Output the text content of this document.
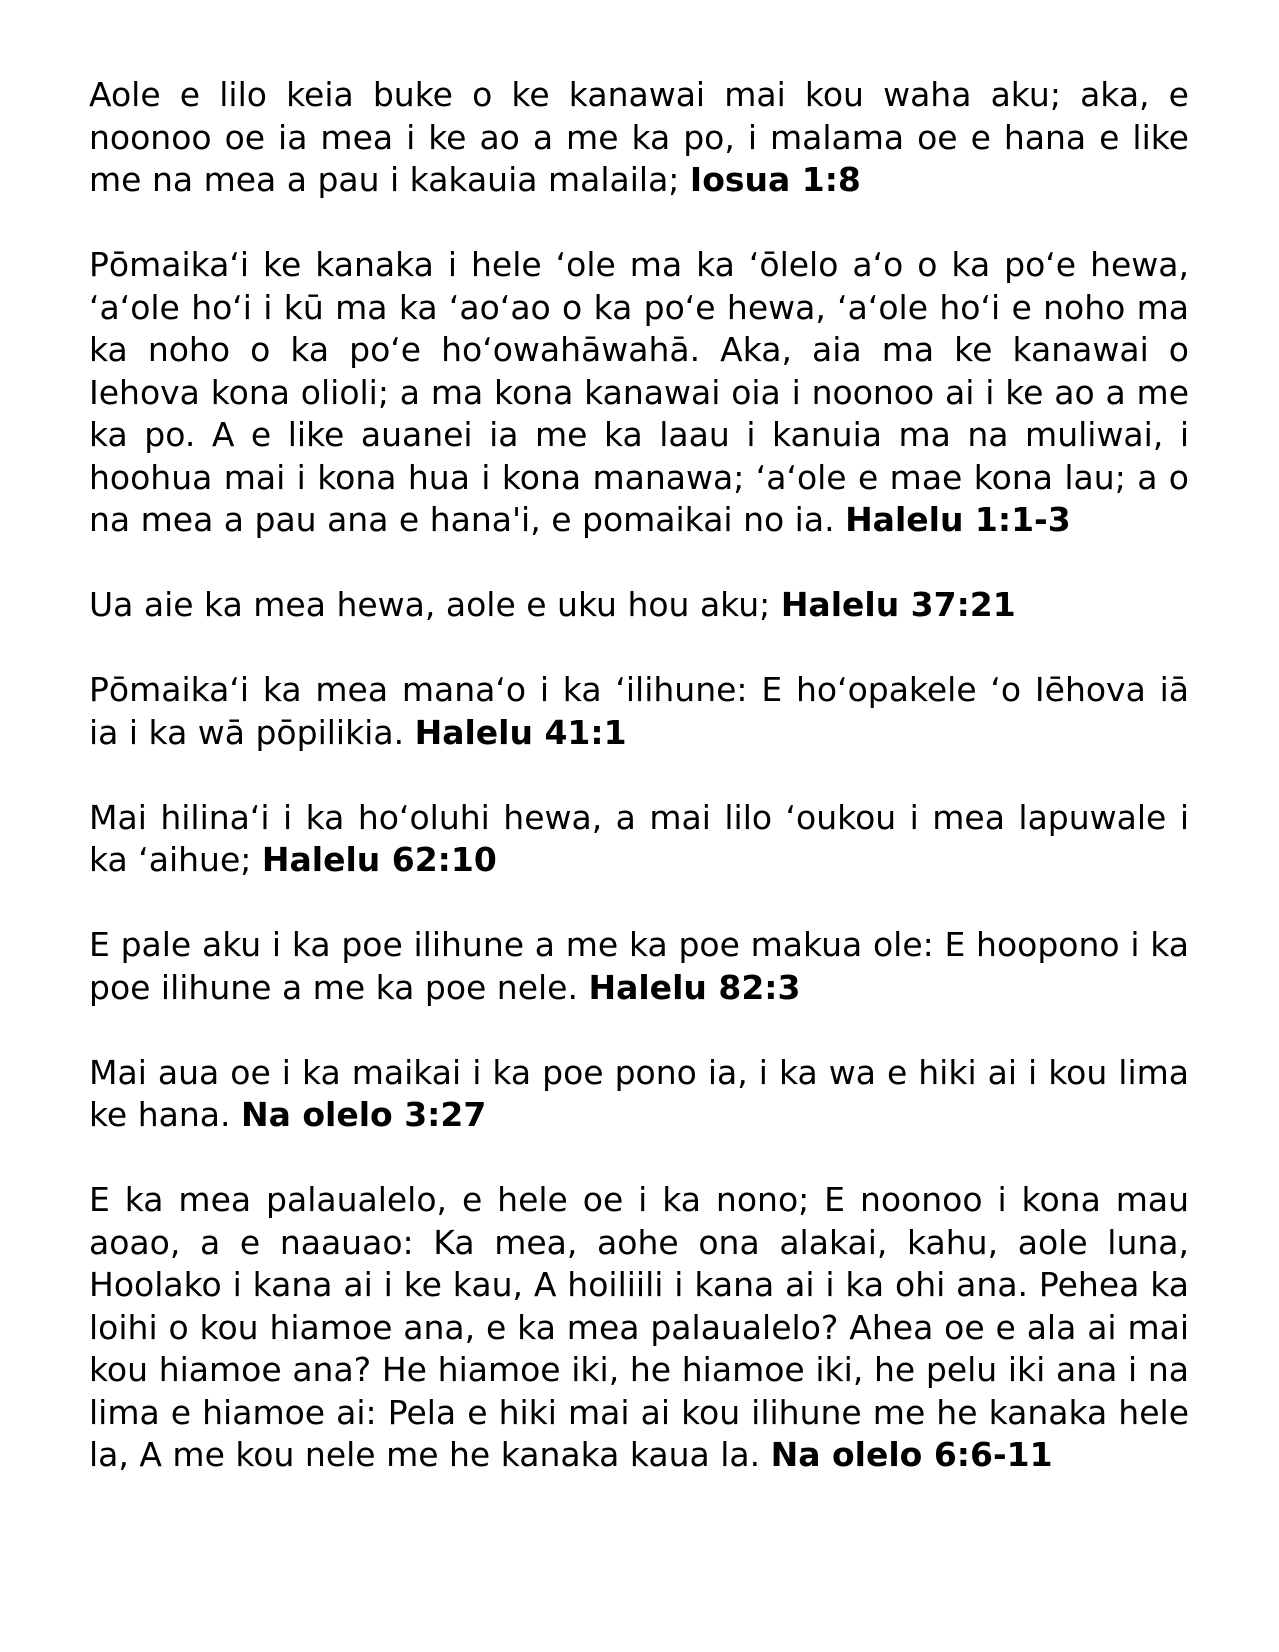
Aole e lilo keia buke o ke kanawai mai kou waha aku; aka, e noonoo oe ia mea i ke ao a me ka po, i malama oe e hana e like me na mea a pau i kakauia malaila; Iosua 1:8

Pōmaikaʻi ke kanaka i hele ʻole ma ka ʻōlelo aʻo o ka poʻe hewa, ʻaʻole hoʻi i kū ma ka ʻaoʻao o ka poʻe hewa, ʻaʻole hoʻi e noho ma ka noho o ka poʻe hoʻowahāwahā. Aka, aia ma ke kanawai o Iehova kona olioli; a ma kona kanawai oia i noonoo ai i ke ao a me ka po. A e like auanei ia me ka laau i kanuia ma na muliwai, i hoohua mai i kona hua i kona manawa; ʻaʻole e mae kona lau; a o na mea a pau ana e hana'i, e pomaikai no ia. Halelu 1:1-3

Ua aie ka mea hewa, aole e uku hou aku; Halelu 37:21

Pōmaikaʻi ka mea manaʻo i ka ʻilihune: E hoʻopakele ʻo Iēhova iā ia i ka wā pōpilikia. Halelu 41:1

Mai hilinaʻi i ka hoʻoluhi hewa, a mai lilo ʻoukou i mea lapuwale i ka ʻaihue; Halelu 62:10

E pale aku i ka poe ilihune a me ka poe makua ole: E hoopono i ka poe ilihune a me ka poe nele. Halelu 82:3

Mai aua oe i ka maikai i ka poe pono ia, i ka wa e hiki ai i kou lima ke hana. Na olelo 3:27

E ka mea palaualelo, e hele oe i ka nono; E noonoo i kona mau aoao, a e naauao: Ka mea, aohe ona alakai, kahu, aole luna, Hoolako i kana ai i ke kau, A hoiliili i kana ai i ka ohi ana. Pehea ka loihi o kou hiamoe ana, e ka mea palaualelo? Ahea oe e ala ai mai kou hiamoe ana? He hiamoe iki, he hiamoe iki, he pelu iki ana i na lima e hiamoe ai: Pela e hiki mai ai kou ilihune me he kanaka hele la, A me kou nele me he kanaka kaua la. Na olelo 6:6-11
